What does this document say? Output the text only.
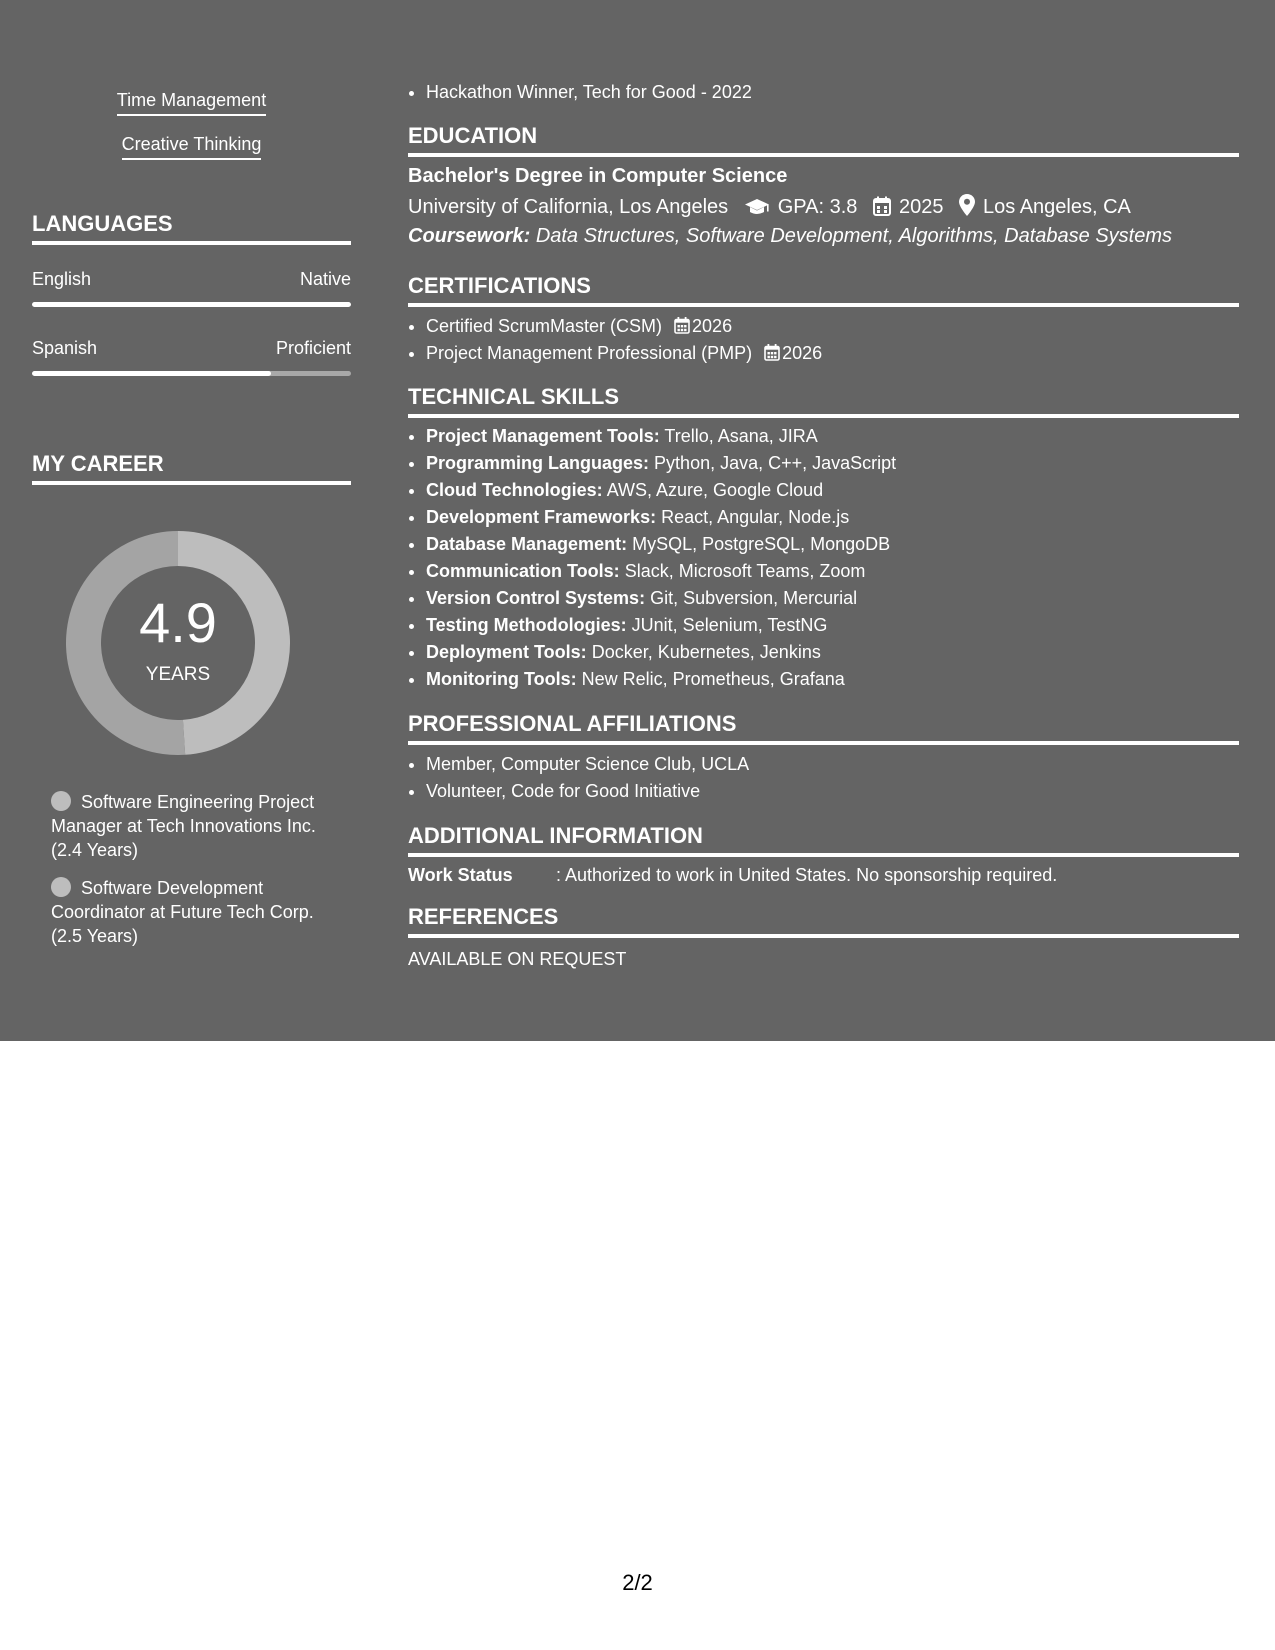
Time Management
Creative Thinking
LANGUAGES
English	Native
Spanish	Proficient
MY CAREER
4.9
YEARS
Software Engineering Project Manager at Tech Innovations Inc. (2.4 Years)
Software Development Coordinator at Future Tech Corp. (2.5 Years)
• Hackathon Winner, Tech for Good - 2022
EDUCATION
Bachelor's Degree in Computer Science
University of California, Los Angeles GPA: 3.8 2025 Los Angeles, CA
Coursework: Data Structures, Software Development, Algorithms, Database Systems
CERTIFICATIONS
• Certified ScrumMaster (CSM) 2026
• Project Management Professional (PMP) 2026
TECHNICAL SKILLS
• Project Management Tools: Trello, Asana, JIRA
• Programming Languages: Python, Java, C++, JavaScript
• Cloud Technologies: AWS, Azure, Google Cloud
• Development Frameworks: React, Angular, Node.js
• Database Management: MySQL, PostgreSQL, MongoDB
• Communication Tools: Slack, Microsoft Teams, Zoom
• Version Control Systems: Git, Subversion, Mercurial
• Testing Methodologies: JUnit, Selenium, TestNG
• Deployment Tools: Docker, Kubernetes, Jenkins
• Monitoring Tools: New Relic, Prometheus, Grafana
PROFESSIONAL AFFILIATIONS
• Member, Computer Science Club, UCLA
• Volunteer, Code for Good Initiative
ADDITIONAL INFORMATION
Work Status : Authorized to work in United States. No sponsorship required.
REFERENCES
AVAILABLE ON REQUEST
2/2
